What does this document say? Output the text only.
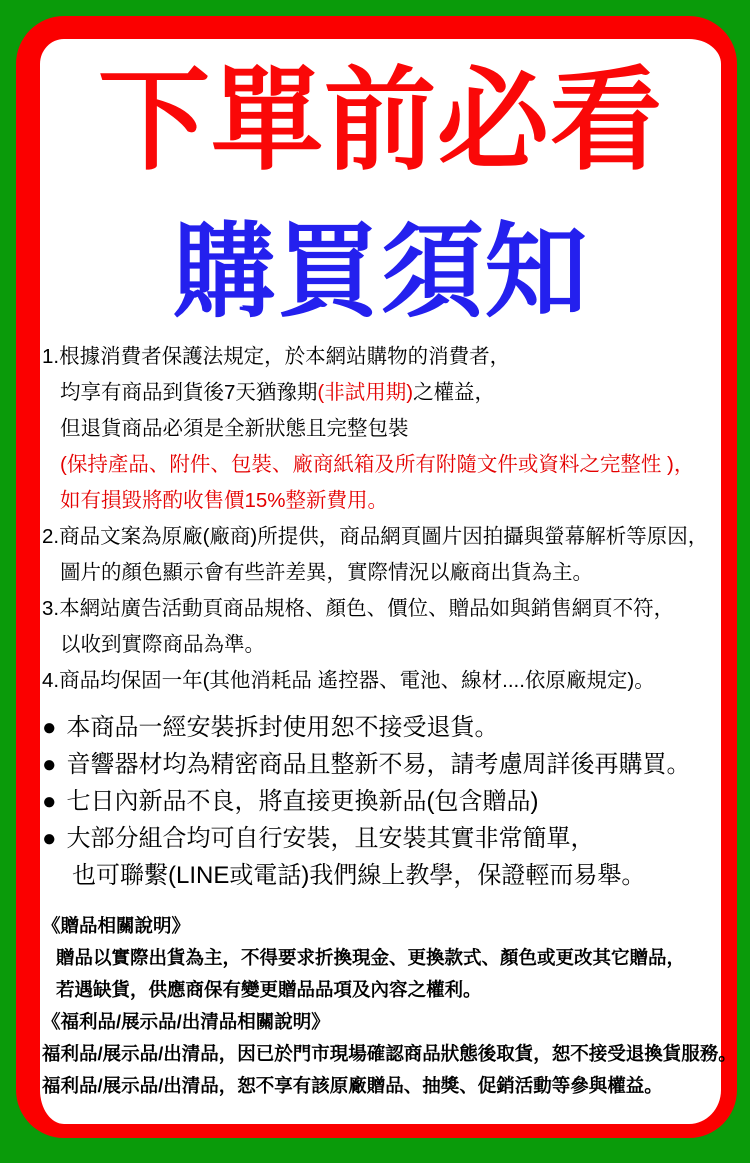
下單前必看
購買須知
1.根據消費者保護法規定，於本網站購物的消費者，
均享有商品到貨後7天猶豫期(非試用期)之權益，
但退貨商品必須是全新狀態且完整包裝
(保持產品、附件、包裝、廠商紙箱及所有附隨文件或資料之完整性 )，
如有損毀將酌收售價15%整新費用。
2.商品文案為原廠(廠商)所提供，商品網頁圖片因拍攝與螢幕解析等原因，
圖片的顏色顯示會有些許差異，實際情況以廠商出貨為主。
3.本網站廣告活動頁商品規格、顏色、價位、贈品如與銷售網頁不符，
以收到實際商品為準。
4.商品均保固一年(其他消耗品 遙控器、電池、線材....依原廠規定)。
● 本商品一經安裝拆封使用恕不接受退貨。
● 音響器材均為精密商品且整新不易，請考慮周詳後再購買。
● 七日內新品不良，將直接更換新品(包含贈品)
● 大部分組合均可自行安裝，且安裝其實非常簡單，
也可聯繫(LINE或電話)我們線上教學，保證輕而易舉。
《贈品相關說明》
贈品以實際出貨為主，不得要求折換現金、更換款式、顏色或更改其它贈品，
若遇缺貨，供應商保有變更贈品品項及內容之權利。
《福利品/展示品/出清品相關說明》
福利品/展示品/出清品，因已於門市現場確認商品狀態後取貨，恕不接受退換貨服務。
福利品/展示品/出清品，恕不享有該原廠贈品、抽獎、促銷活動等參與權益。
